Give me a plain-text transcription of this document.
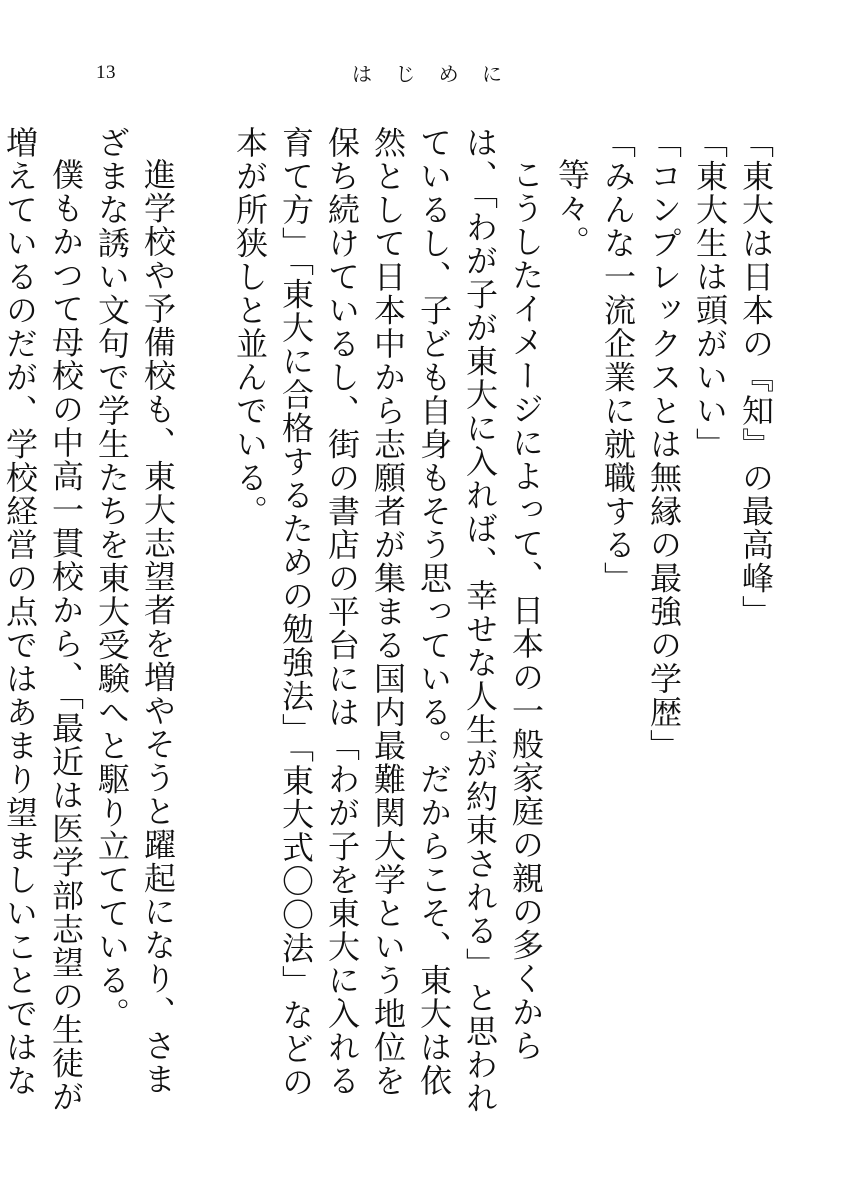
13	は じ め に

「東大は日本の『知』の最高峰」

「東大生は頭がいい」

「コンプレックスとは無縁の最強の学歴」

「みんな一流企業に就職する」

等々。

こうしたイメージによって、日本の一般家庭の親の多くからは、「わが子が東大に入れば、幸せな人生が約束される」と思われているし、子ども自身もそう思っている。だからこそ、東大は依然として日本中から志願者が集まる国内最難関大学という地位を保ち続けているし、街の書店の平台には「わが子を東大に入れる育て方」「東大に合格するための勉強法」「東大式〇〇法」などの本が所狭しと並んでいる。

進学校や予備校も、東大志望者を増やそうと躍起になり、さまざまな誘い文句で学生たちを東大受験へと駆り立てている。

僕もかつて母校の中高一貫校から、「最近は医学部志望の生徒が増えているのだが、学校経営の点ではあまり望ましいことではな
